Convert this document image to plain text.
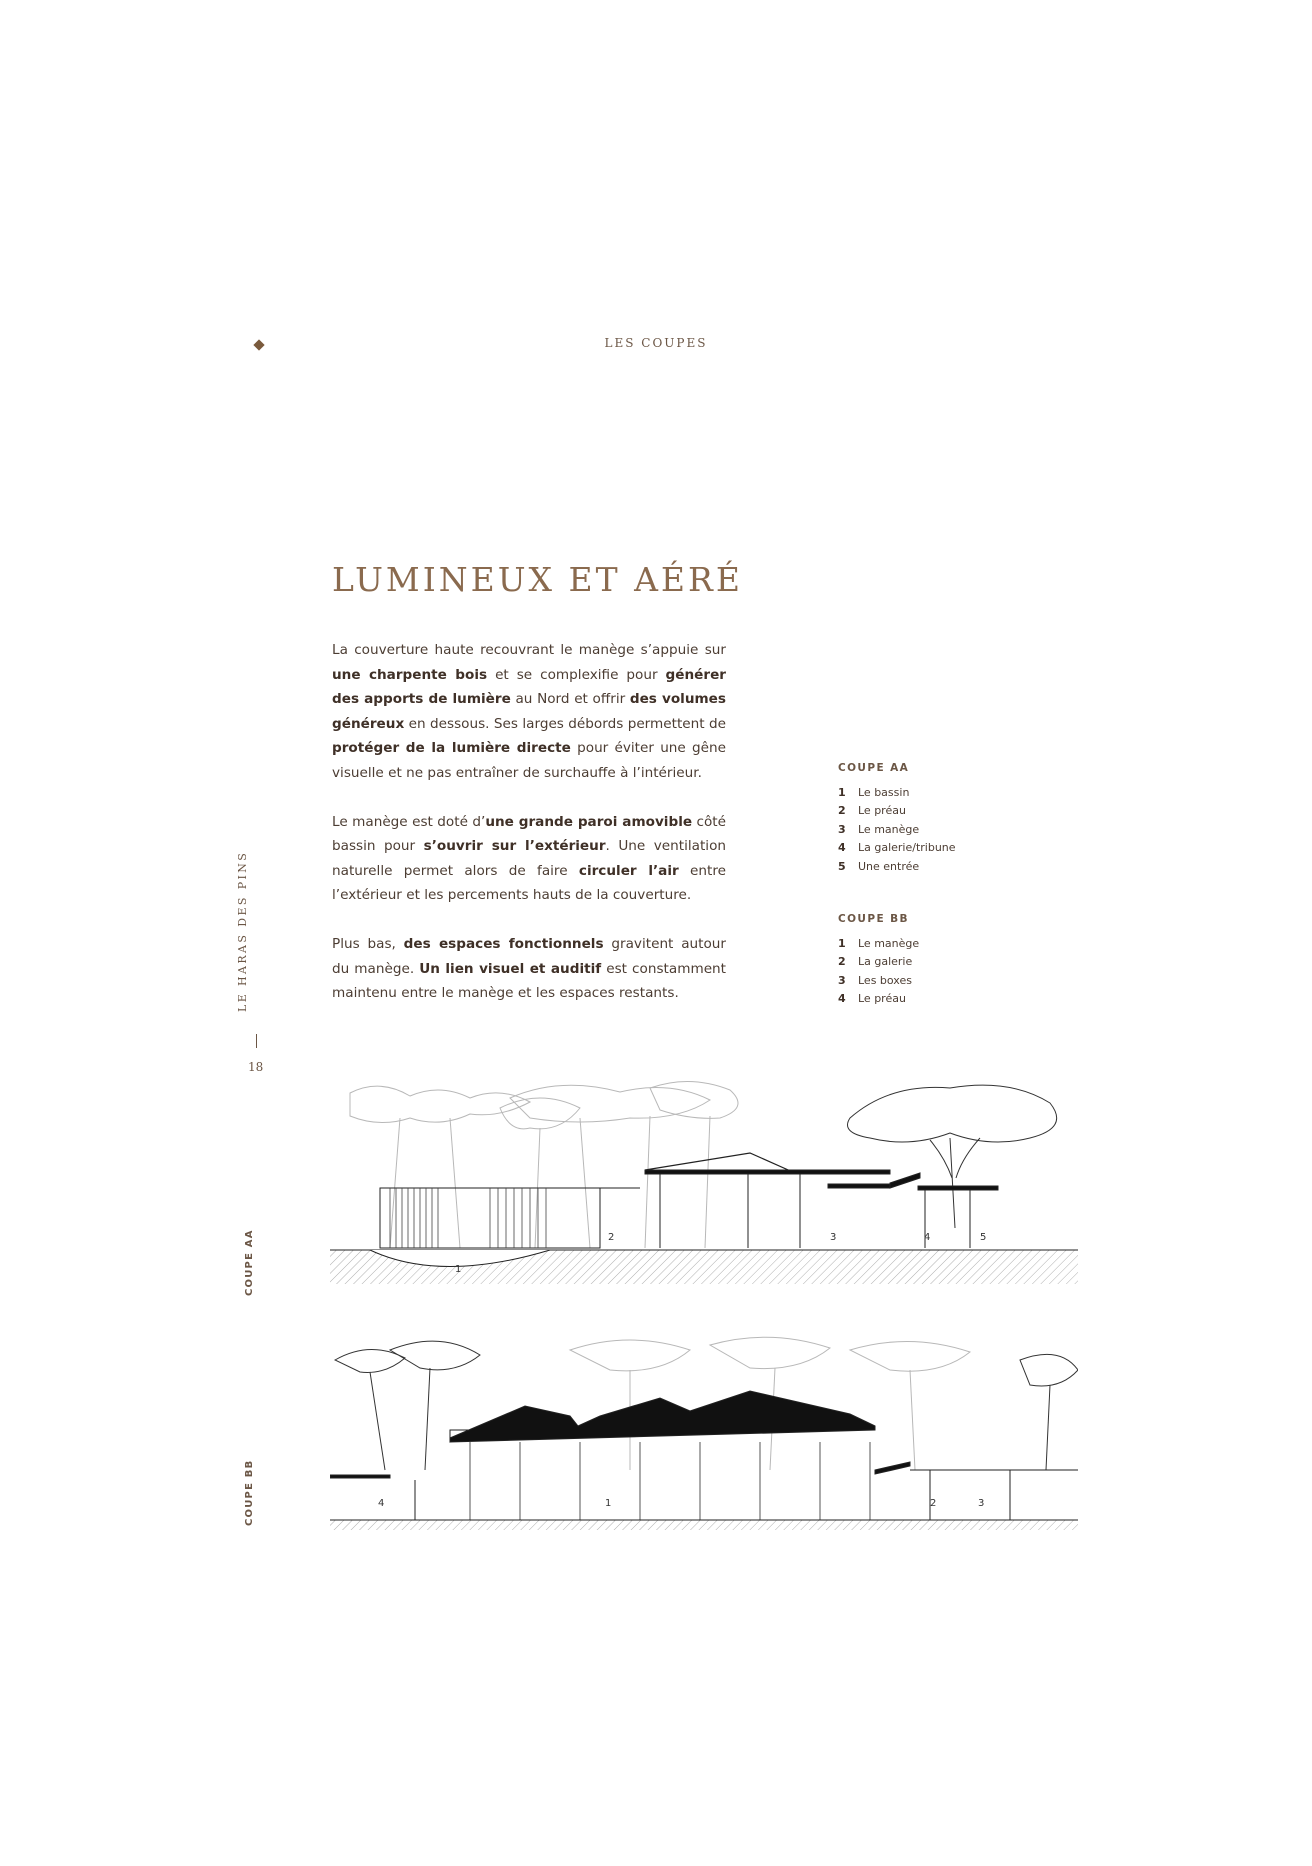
LES COUPES
LUMINEUX ET AÉRÉ

La couverture haute recouvrant le manège s’appuie sur une charpente bois et se complexifie pour générer des apports de lumière au Nord et offrir des volumes généreux en dessous. Ses larges débords permettent de protéger de la lumière directe pour éviter une gêne visuelle et ne pas entraîner de surchauffe à l’intérieur.

Le manège est doté d’une grande paroi amovible côté bassin pour s’ouvrir sur l’extérieur. Une ventilation naturelle permet alors de faire circuler l’air entre l’extérieur et les percements hauts de la couverture.

Plus bas, des espaces fonctionnels gravitent autour du manège. Un lien visuel et auditif est constamment maintenu entre le manège et les espaces restants.

COUPE AA
1	Le bassin
2	Le préau
3	Le manège
4	La galerie/tribune
5	Une entrée
COUPE BB
1	Le manège
2	La galerie
3	Les boxes
4	Le préau
LE HARAS DES PINS
18
COUPE AA
COUPE BB
1
2	3	4	5
4	1	2	3
